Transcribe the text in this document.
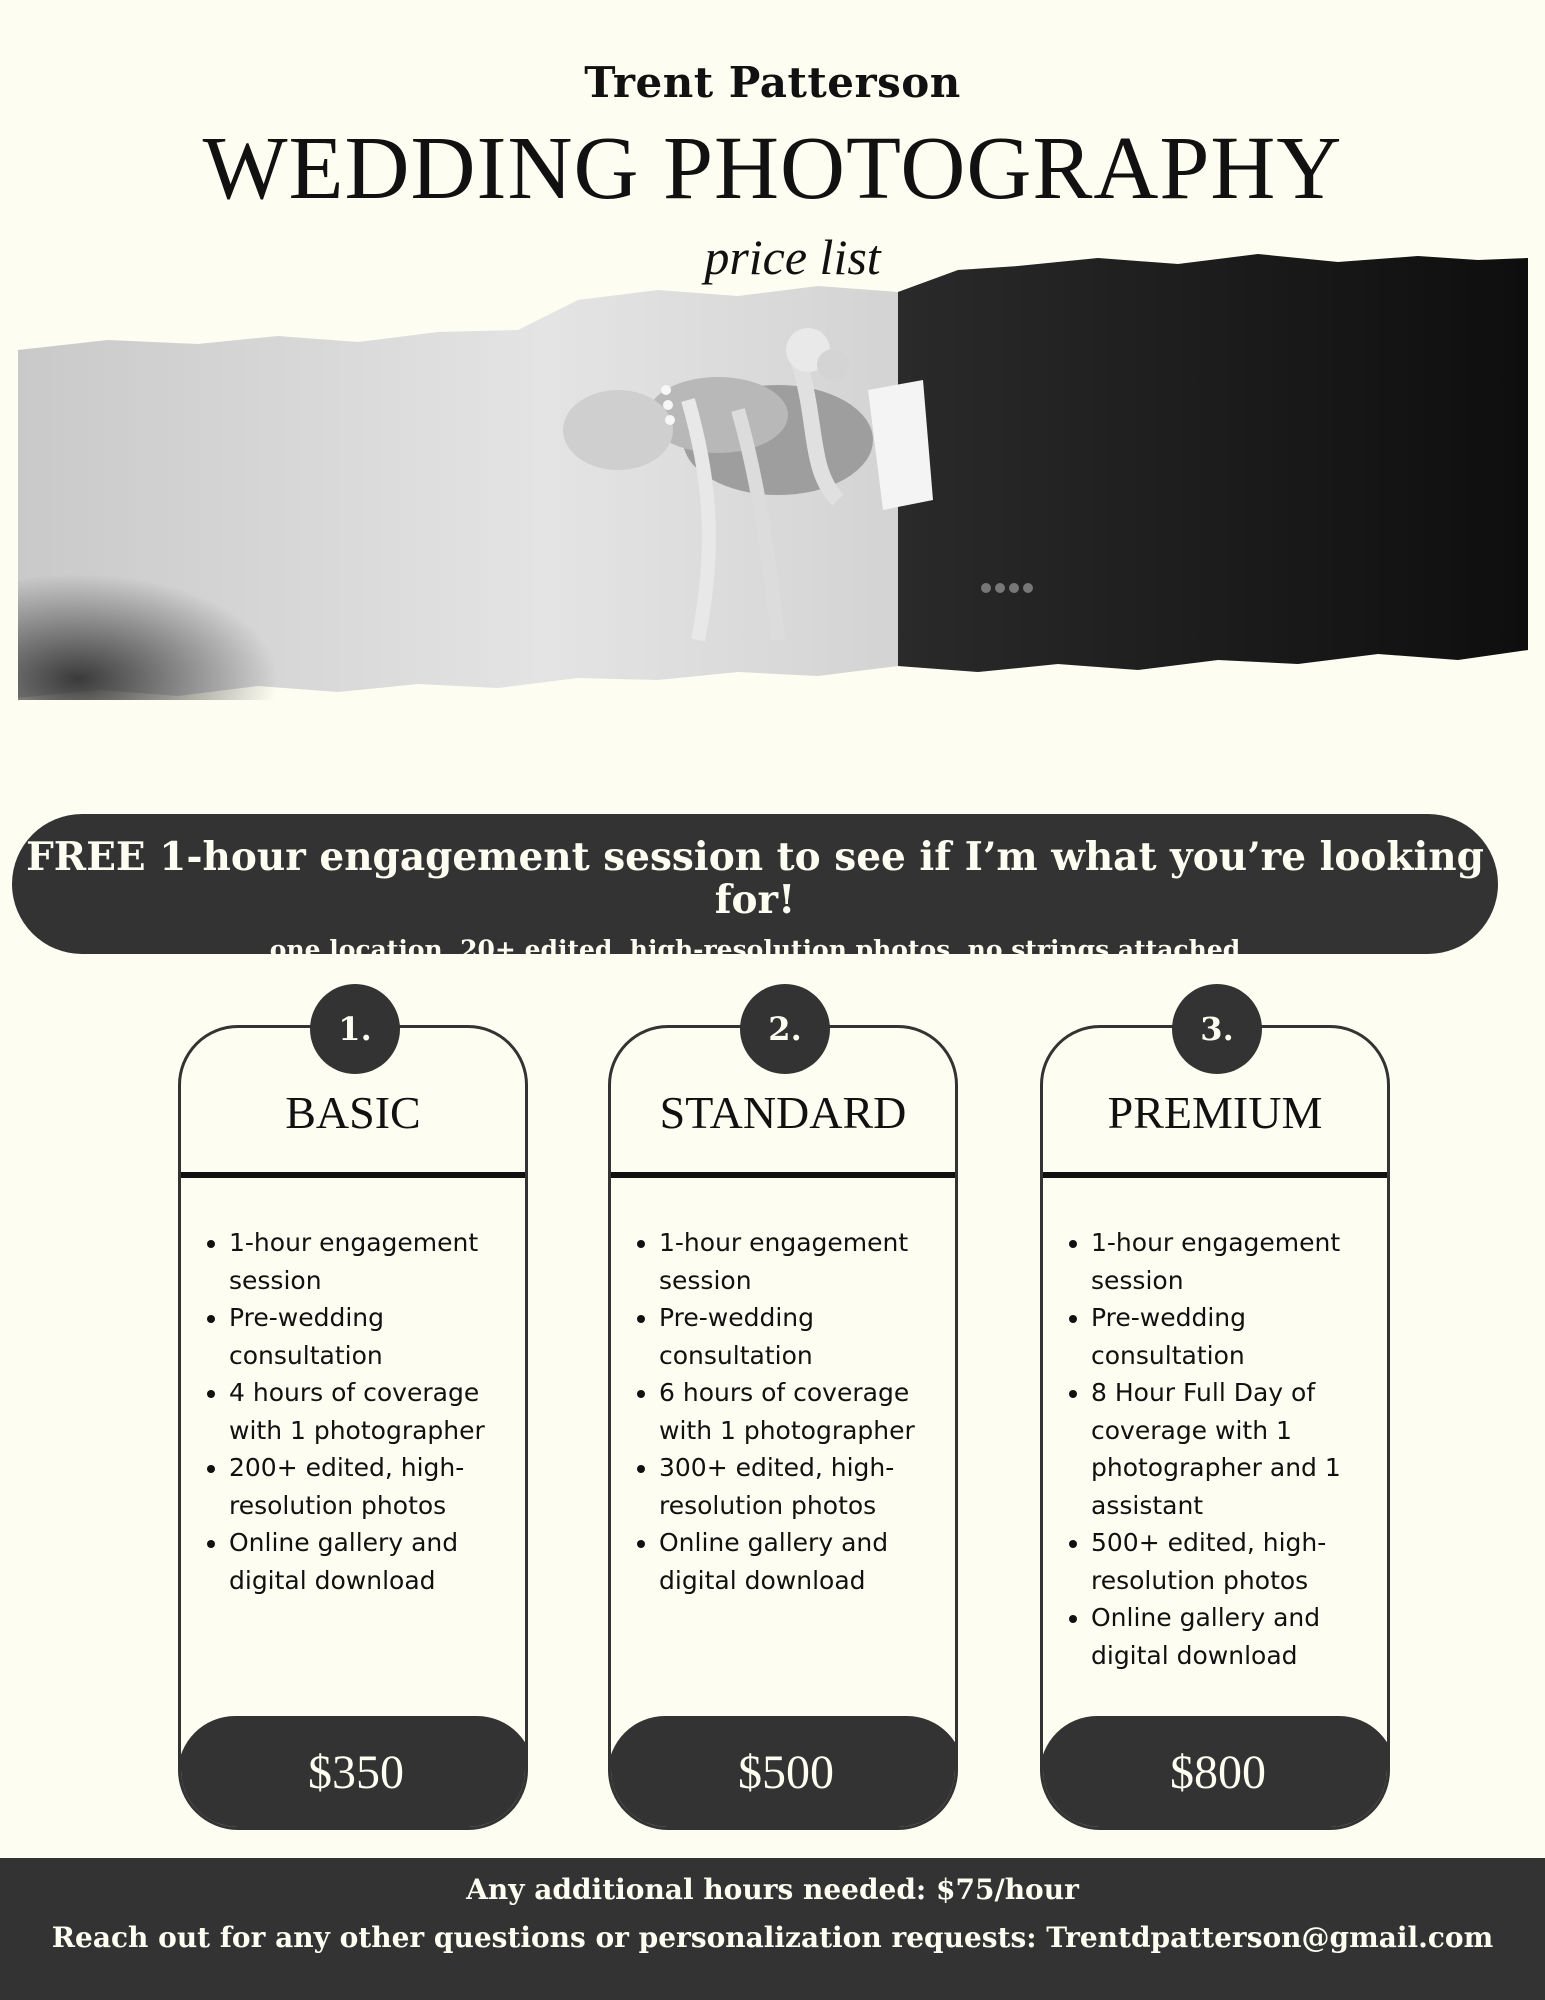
Trent Patterson
WEDDING PHOTOGRAPHY
price list
FREE 1-hour engagement session to see if I’m what you’re looking for!
one location, 20+ edited, high-resolution photos, no strings attached
1.	2.	3.
BASIC
• 1-hour engagement session
• Pre-wedding consultation
• 4 hours of coverage with 1 photographer
• 200+ edited, high-resolution photos
• Online gallery and digital download
$350
STANDARD
• 1-hour engagement session
• Pre-wedding consultation
• 6 hours of coverage with 1 photographer
• 300+ edited, high-resolution photos
• Online gallery and digital download
$500
PREMIUM
• 1-hour engagement session
• Pre-wedding consultation
• 8 Hour Full Day of coverage with 1 photographer and 1 assistant
• 500+ edited, high-resolution photos
• Online gallery and digital download
$800
Any additional hours needed: $75/hour
Reach out for any other questions or personalization requests: Trentdpatterson@gmail.com
